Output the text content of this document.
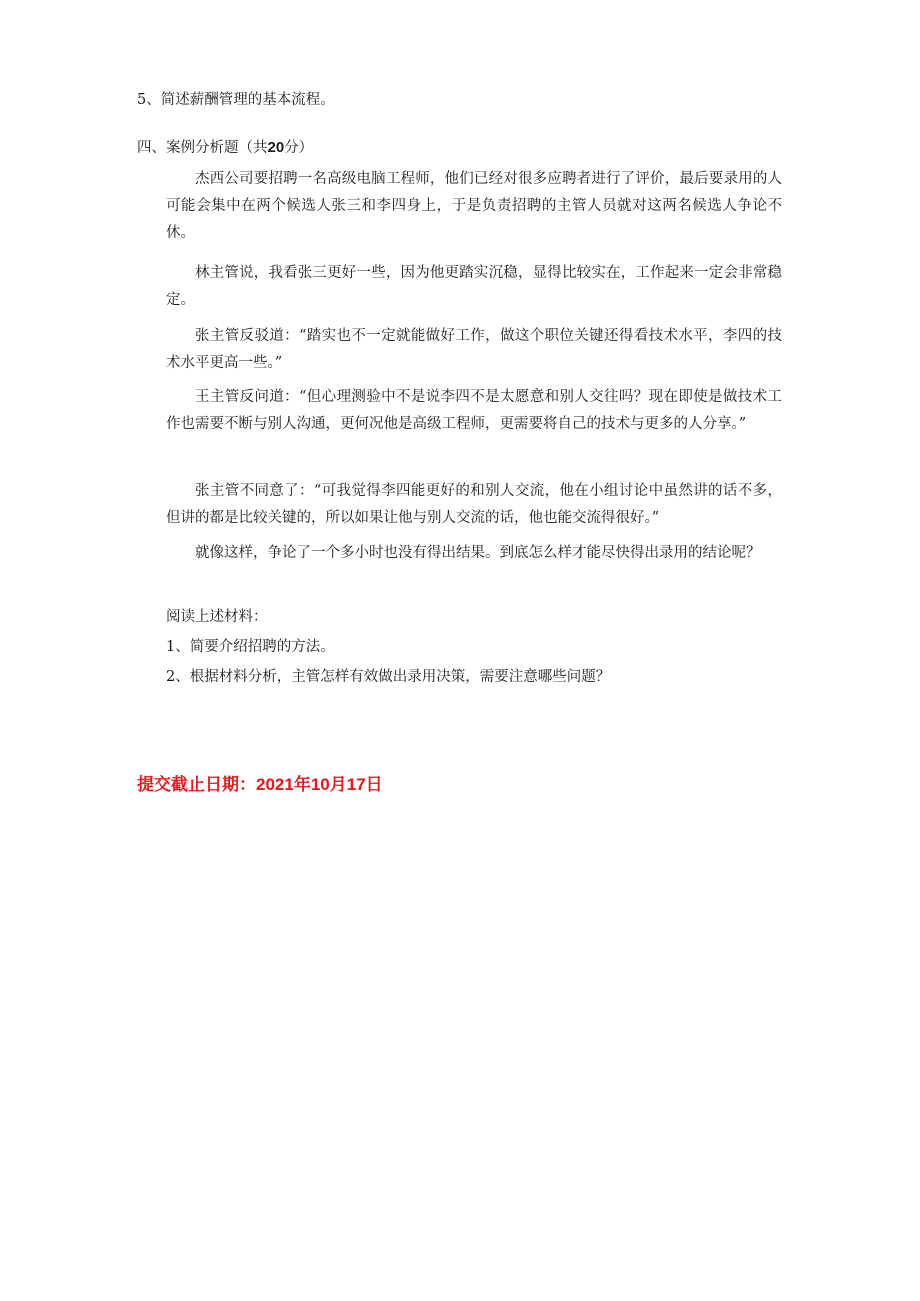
5、简述薪酬管理的基本流程。
四、案例分析题（共20分）

杰西公司要招聘一名高级电脑工程师，他们已经对很多应聘者进行了评价，最后要录用的人可能会集中在两个候选人张三和李四身上，于是负责招聘的主管人员就对这两名候选人争论不休。

林主管说，我看张三更好一些，因为他更踏实沉稳，显得比较实在，工作起来一定会非常稳定。

张主管反驳道：“踏实也不一定就能做好工作，做这个职位关键还得看技术水平，李四的技术水平更高一些。”

王主管反问道：“但心理测验中不是说李四不是太愿意和别人交往吗？现在即使是做技术工作也需要不断与别人沟通，更何况他是高级工程师，更需要将自己的技术与更多的人分享。”

张主管不同意了：“可我觉得李四能更好的和别人交流，他在小组讨论中虽然讲的话不多，但讲的都是比较关键的，所以如果让他与别人交流的话，他也能交流得很好。”

就像这样，争论了一个多小时也没有得出结果。到底怎么样才能尽快得出录用的结论呢？

阅读上述材料：
1、简要介绍招聘的方法。
2、根据材料分析，主管怎样有效做出录用决策，需要注意哪些问题？
提交截止日期：2021年10月17日
